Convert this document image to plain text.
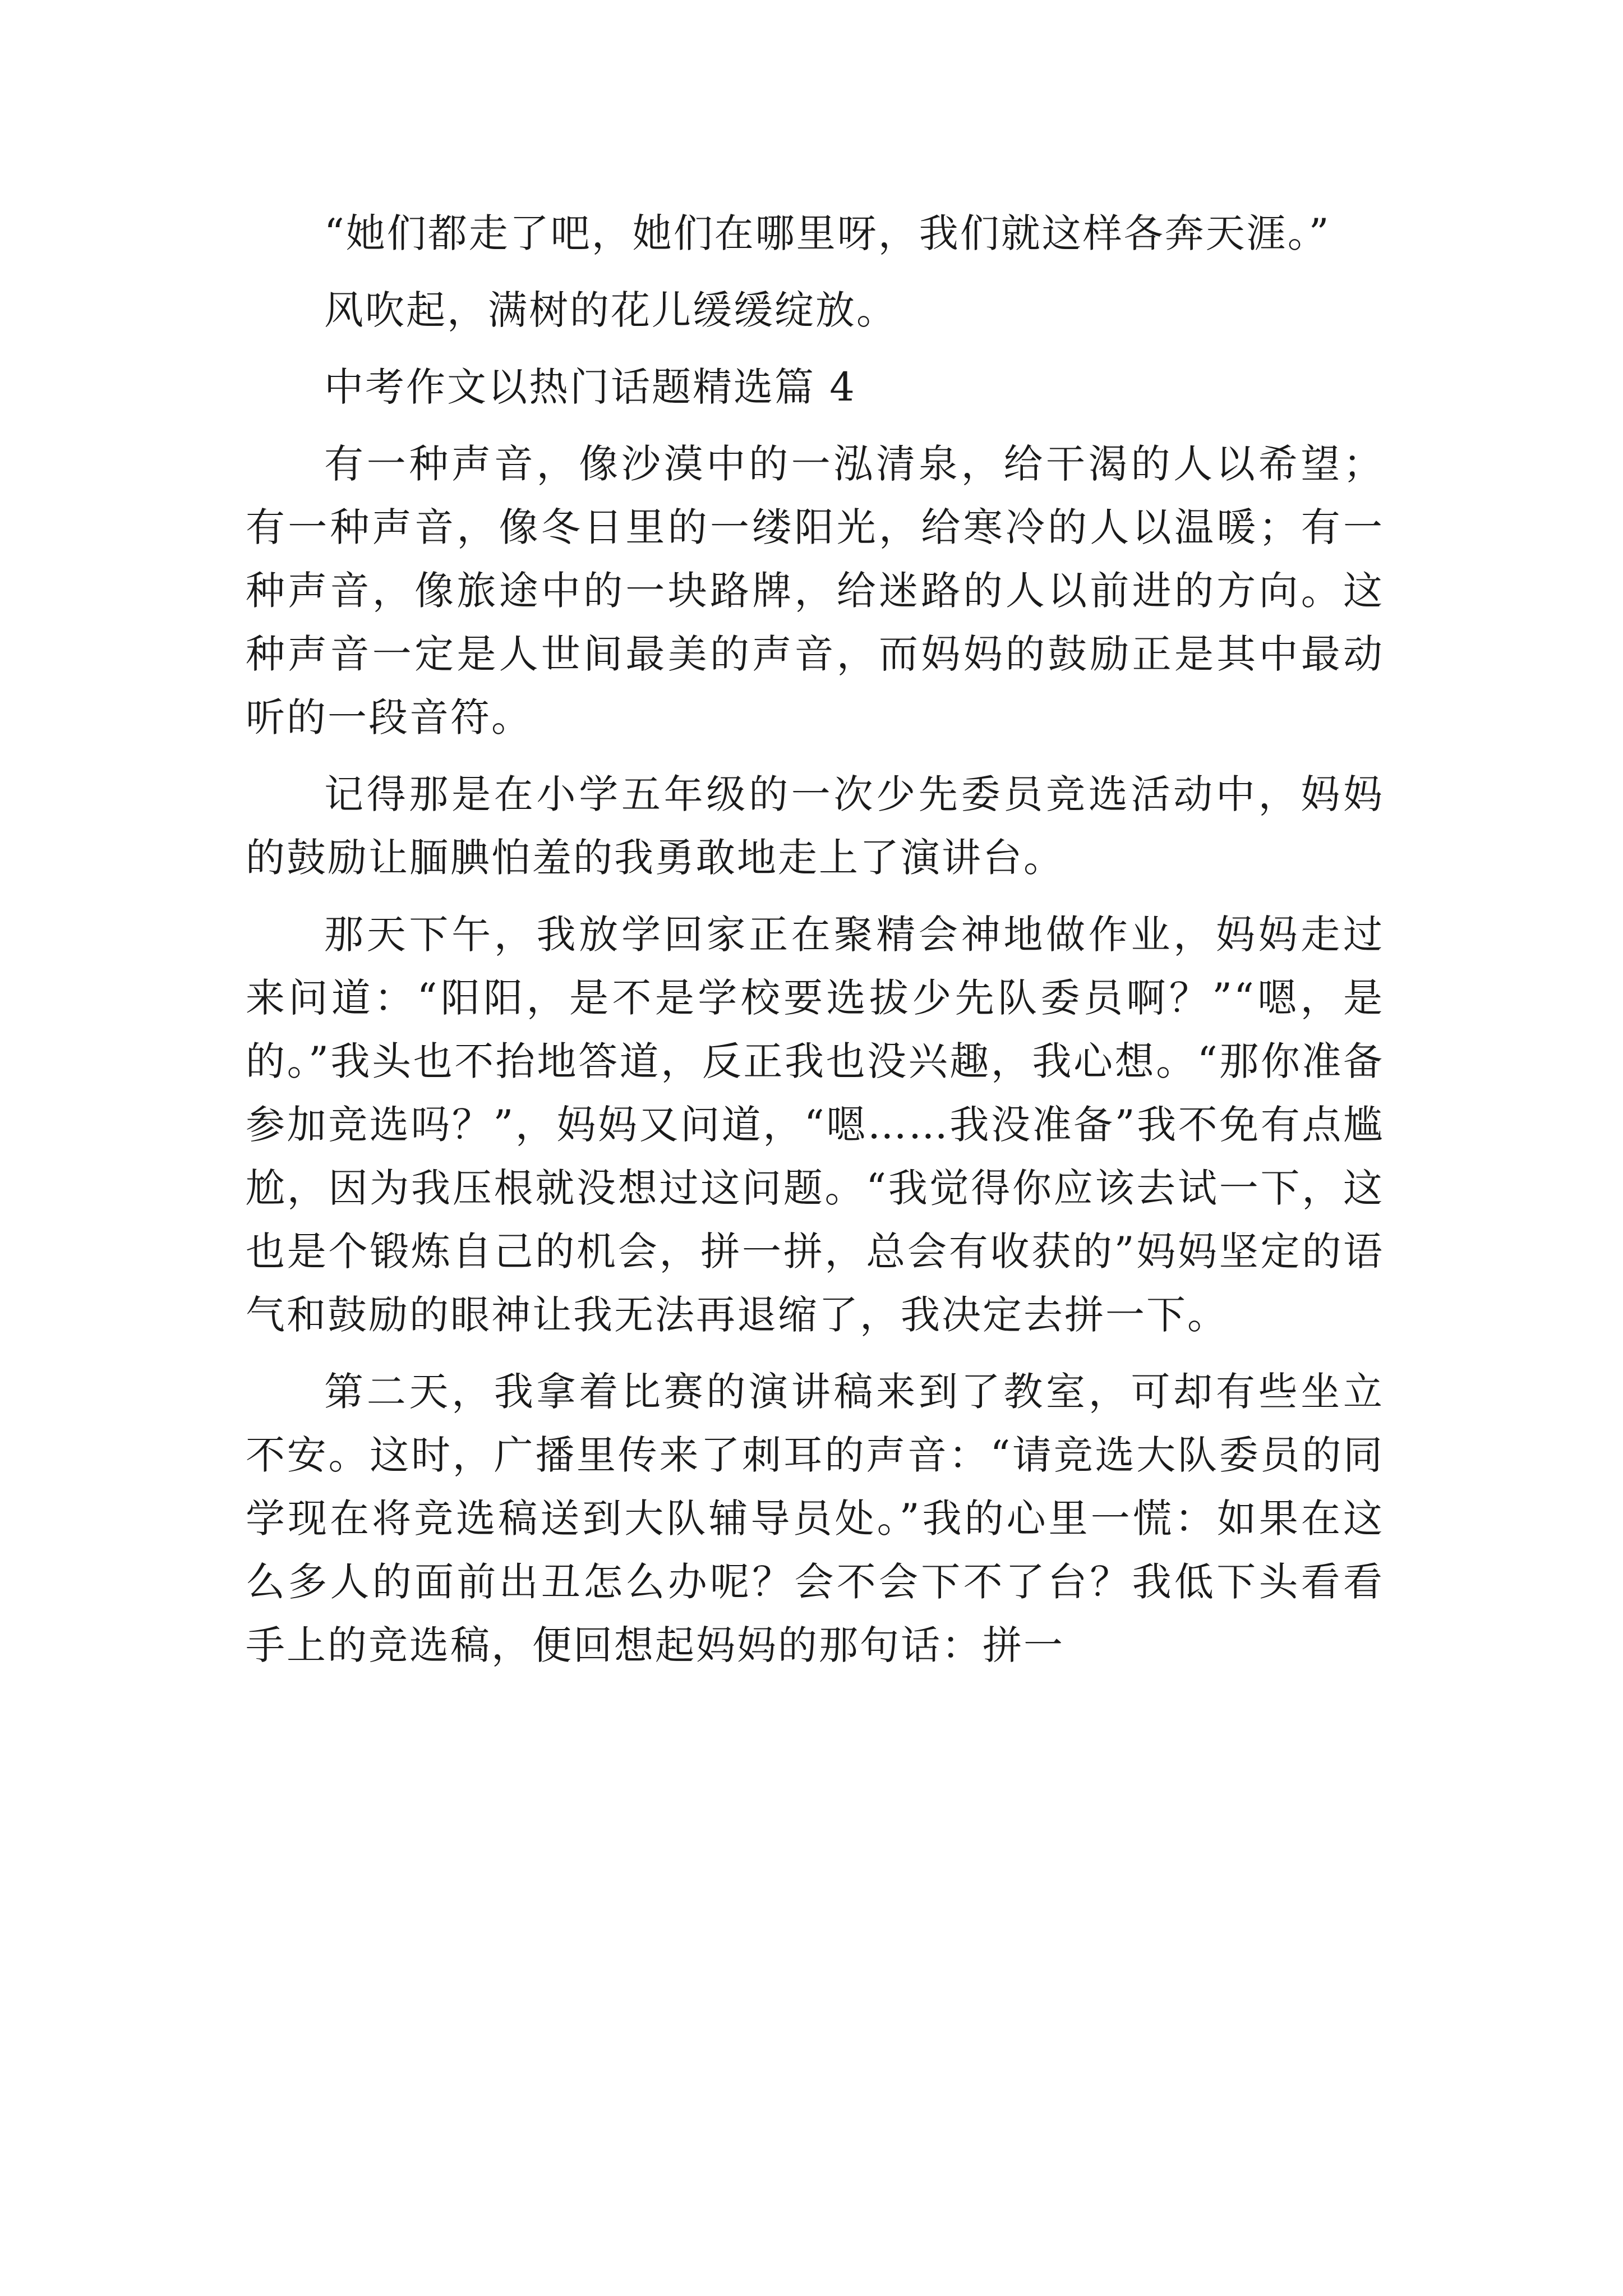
“她们都走了吧，她们在哪里呀，我们就这样各奔天涯。”

风吹起，满树的花儿缓缓绽放。

中考作文以热门话题精选篇 4

有一种声音，像沙漠中的一泓清泉，给干渴的人以希望；有一种声音，像冬日里的一缕阳光，给寒冷的人以温暖；有一种声音，像旅途中的一块路牌，给迷路的人以前进的方向。这种声音一定是人世间最美的声音，而妈妈的鼓励正是其中最动听的一段音符。

记得那是在小学五年级的一次少先委员竞选活动中，妈妈的鼓励让腼腆怕羞的我勇敢地走上了演讲台。

那天下午，我放学回家正在聚精会神地做作业，妈妈走过来问道：“阳阳，是不是学校要选拔少先队委员啊？”“嗯，是的。”我头也不抬地答道，反正我也没兴趣，我心想。“那你准备参加竞选吗？”，妈妈又问道，“嗯……我没准备”我不免有点尴尬，因为我压根就没想过这问题。“我觉得你应该去试一下，这也是个锻炼自己的机会，拼一拼，总会有收获的”妈妈坚定的语气和鼓励的眼神让我无法再退缩了，我决定去拼一下。

第二天，我拿着比赛的演讲稿来到了教室，可却有些坐立不安。这时，广播里传来了刺耳的声音：“请竞选大队委员的同学现在将竞选稿送到大队辅导员处。”我的心里一慌：如果在这么多人的面前出丑怎么办呢？会不会下不了台？我低下头看看手上的竞选稿，便回想起妈妈的那句话：拼一
